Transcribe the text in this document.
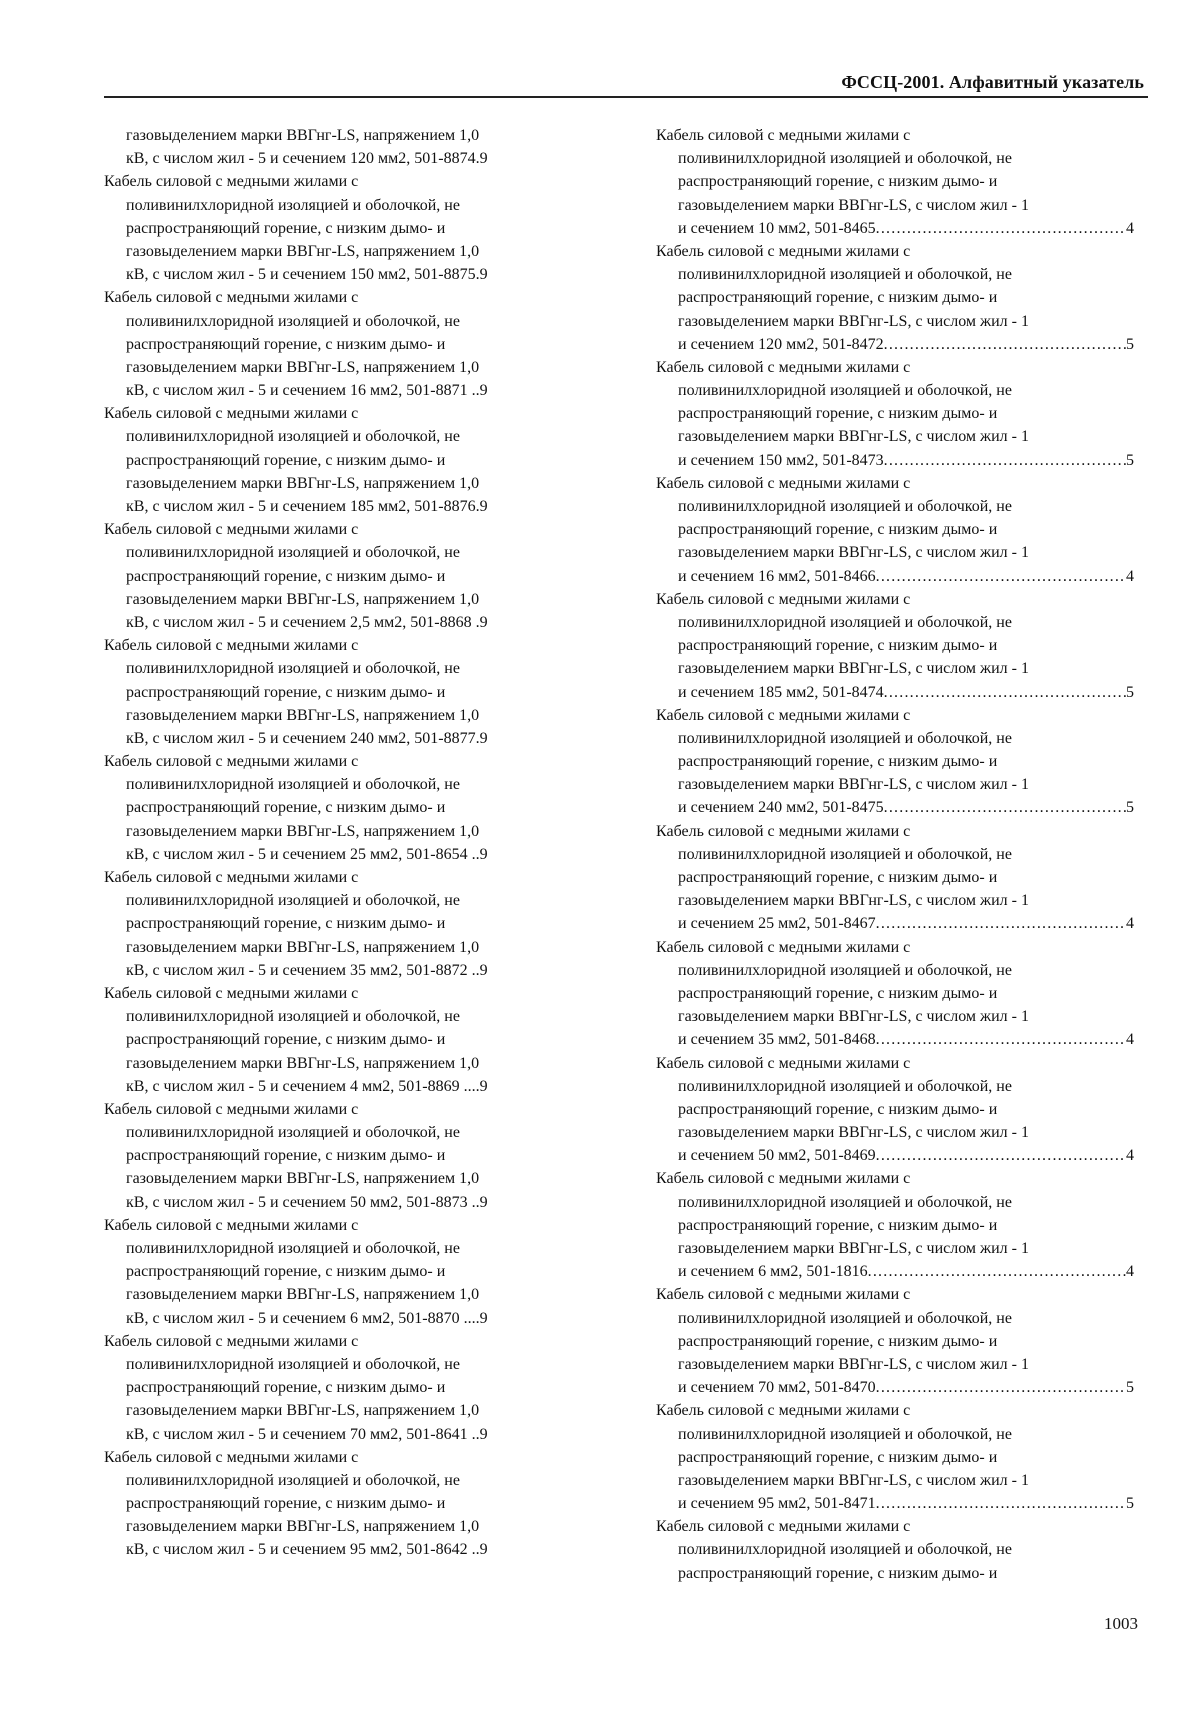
ФССЦ-2001. Алфавитный указатель
газовыделением марки ВВГнг-LS, напряжением 1,0
кВ, с числом жил - 5 и сечением 120 мм2, 501-8874.9
Кабель силовой с медными жилами с
поливинилхлоридной изоляцией и оболочкой, не
распространяющий горение, с низким дымо- и
газовыделением марки ВВГнг-LS, напряжением 1,0
кВ, с числом жил - 5 и сечением 150 мм2, 501-8875.9
Кабель силовой с медными жилами с
поливинилхлоридной изоляцией и оболочкой, не
распространяющий горение, с низким дымо- и
газовыделением марки ВВГнг-LS, напряжением 1,0
кВ, с числом жил - 5 и сечением 16 мм2, 501-8871 ..9
Кабель силовой с медными жилами с
поливинилхлоридной изоляцией и оболочкой, не
распространяющий горение, с низким дымо- и
газовыделением марки ВВГнг-LS, напряжением 1,0
кВ, с числом жил - 5 и сечением 185 мм2, 501-8876.9
Кабель силовой с медными жилами с
поливинилхлоридной изоляцией и оболочкой, не
распространяющий горение, с низким дымо- и
газовыделением марки ВВГнг-LS, напряжением 1,0
кВ, с числом жил - 5 и сечением 2,5 мм2, 501-8868 .9
Кабель силовой с медными жилами с
поливинилхлоридной изоляцией и оболочкой, не
распространяющий горение, с низким дымо- и
газовыделением марки ВВГнг-LS, напряжением 1,0
кВ, с числом жил - 5 и сечением 240 мм2, 501-8877.9
Кабель силовой с медными жилами с
поливинилхлоридной изоляцией и оболочкой, не
распространяющий горение, с низким дымо- и
газовыделением марки ВВГнг-LS, напряжением 1,0
кВ, с числом жил - 5 и сечением 25 мм2, 501-8654 ..9
Кабель силовой с медными жилами с
поливинилхлоридной изоляцией и оболочкой, не
распространяющий горение, с низким дымо- и
газовыделением марки ВВГнг-LS, напряжением 1,0
кВ, с числом жил - 5 и сечением 35 мм2, 501-8872 ..9
Кабель силовой с медными жилами с
поливинилхлоридной изоляцией и оболочкой, не
распространяющий горение, с низким дымо- и
газовыделением марки ВВГнг-LS, напряжением 1,0
кВ, с числом жил - 5 и сечением 4 мм2, 501-8869 ....9
Кабель силовой с медными жилами с
поливинилхлоридной изоляцией и оболочкой, не
распространяющий горение, с низким дымо- и
газовыделением марки ВВГнг-LS, напряжением 1,0
кВ, с числом жил - 5 и сечением 50 мм2, 501-8873 ..9
Кабель силовой с медными жилами с
поливинилхлоридной изоляцией и оболочкой, не
распространяющий горение, с низким дымо- и
газовыделением марки ВВГнг-LS, напряжением 1,0
кВ, с числом жил - 5 и сечением 6 мм2, 501-8870 ....9
Кабель силовой с медными жилами с
поливинилхлоридной изоляцией и оболочкой, не
распространяющий горение, с низким дымо- и
газовыделением марки ВВГнг-LS, напряжением 1,0
кВ, с числом жил - 5 и сечением 70 мм2, 501-8641 ..9
Кабель силовой с медными жилами с
поливинилхлоридной изоляцией и оболочкой, не
распространяющий горение, с низким дымо- и
газовыделением марки ВВГнг-LS, напряжением 1,0
кВ, с числом жил - 5 и сечением 95 мм2, 501-8642 ..9
Кабель силовой с медными жилами с
поливинилхлоридной изоляцией и оболочкой, не
распространяющий горение, с низким дымо- и
газовыделением марки ВВГнг-LS, с числом жил - 1
и сечением 10 мм2, 501-8465 .....	4
Кабель силовой с медными жилами с
поливинилхлоридной изоляцией и оболочкой, не
распространяющий горение, с низким дымо- и
газовыделением марки ВВГнг-LS, с числом жил - 1
и сечением 120 мм2, 501-8472 .....	5
Кабель силовой с медными жилами с
поливинилхлоридной изоляцией и оболочкой, не
распространяющий горение, с низким дымо- и
газовыделением марки ВВГнг-LS, с числом жил - 1
и сечением 150 мм2, 501-8473 .....	5
Кабель силовой с медными жилами с
поливинилхлоридной изоляцией и оболочкой, не
распространяющий горение, с низким дымо- и
газовыделением марки ВВГнг-LS, с числом жил - 1
и сечением 16 мм2, 501-8466 .....	4
Кабель силовой с медными жилами с
поливинилхлоридной изоляцией и оболочкой, не
распространяющий горение, с низким дымо- и
газовыделением марки ВВГнг-LS, с числом жил - 1
и сечением 185 мм2, 501-8474 .....	5
Кабель силовой с медными жилами с
поливинилхлоридной изоляцией и оболочкой, не
распространяющий горение, с низким дымо- и
газовыделением марки ВВГнг-LS, с числом жил - 1
и сечением 240 мм2, 501-8475 .....	5
Кабель силовой с медными жилами с
поливинилхлоридной изоляцией и оболочкой, не
распространяющий горение, с низким дымо- и
газовыделением марки ВВГнг-LS, с числом жил - 1
и сечением 25 мм2, 501-8467 .....	4
Кабель силовой с медными жилами с
поливинилхлоридной изоляцией и оболочкой, не
распространяющий горение, с низким дымо- и
газовыделением марки ВВГнг-LS, с числом жил - 1
и сечением 35 мм2, 501-8468 .....	4
Кабель силовой с медными жилами с
поливинилхлоридной изоляцией и оболочкой, не
распространяющий горение, с низким дымо- и
газовыделением марки ВВГнг-LS, с числом жил - 1
и сечением 50 мм2, 501-8469 .....	4
Кабель силовой с медными жилами с
поливинилхлоридной изоляцией и оболочкой, не
распространяющий горение, с низким дымо- и
газовыделением марки ВВГнг-LS, с числом жил - 1
и сечением 6 мм2, 501-1816 .....	4
Кабель силовой с медными жилами с
поливинилхлоридной изоляцией и оболочкой, не
распространяющий горение, с низким дымо- и
газовыделением марки ВВГнг-LS, с числом жил - 1
и сечением 70 мм2, 501-8470 .....	5
Кабель силовой с медными жилами с
поливинилхлоридной изоляцией и оболочкой, не
распространяющий горение, с низким дымо- и
газовыделением марки ВВГнг-LS, с числом жил - 1
и сечением 95 мм2, 501-8471 .....	5
Кабель силовой с медными жилами с
поливинилхлоридной изоляцией и оболочкой, не
распространяющий горение, с низким дымо- и
1003
